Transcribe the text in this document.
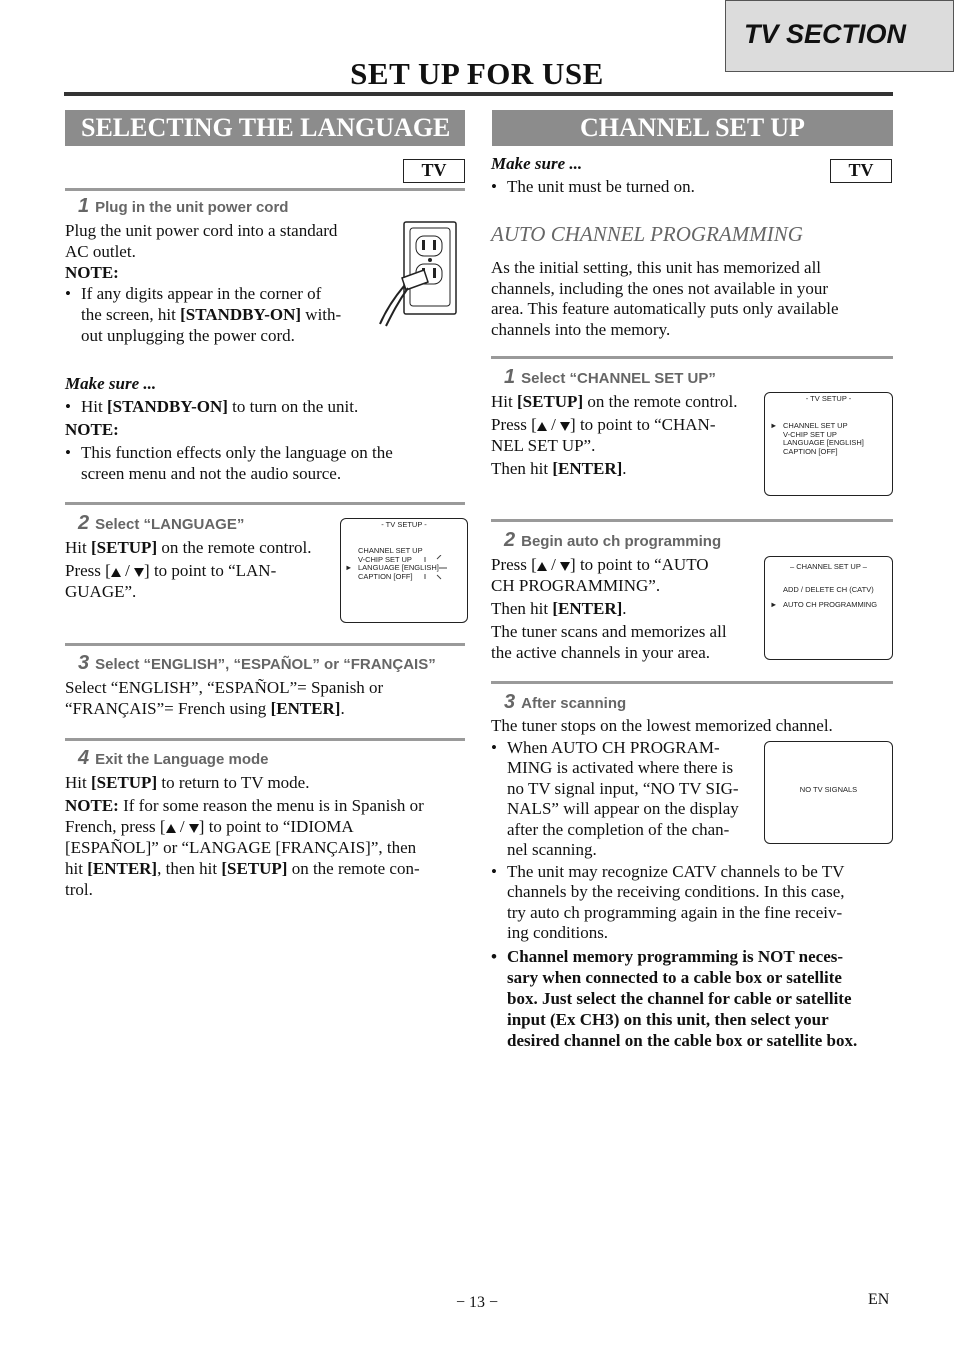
TV SECTION
SET UP FOR USE
SELECTING THE LANGUAGE
TV
1 Plug in the unit power cord
Plug the unit power cord into a standard
AC outlet.
NOTE:
• If any digits appear in the corner of
the screen, hit [STANDBY-ON] with-
out unplugging the power cord.
Make sure ...
• Hit [STANDBY-ON] to turn on the unit.
NOTE:
• This function effects only the language on the
screen menu and not the audio source.
2 Select “LANGUAGE”
Hit [SETUP] on the remote control.
Press [ / ] to point to “LAN-
GUAGE”.
- TV SETUP -
CHANNEL SET UP
V-CHIP SET UP
LANGUAGE [ENGLISH]
CAPTION [OFF]
►
3 Select “ENGLISH”, “ESPAÑOL” or “FRANÇAIS”
Select “ENGLISH”, “ESPAÑOL”= Spanish or
“FRANÇAIS”= French using [ENTER].
4 Exit the Language mode
Hit [SETUP] to return to TV mode.
NOTE: If for some reason the menu is in Spanish or
French, press [ / ] to point to “IDIOMA
[ESPAÑOL]” or “LANGAGE [FRANÇAIS]”, then
hit [ENTER], then hit [SETUP] on the remote con-
trol.
CHANNEL SET UP
TV
Make sure ...
• The unit must be turned on.
AUTO CHANNEL PROGRAMMING
As the initial setting, this unit has memorized all
channels, including the ones not available in your
area. This feature automatically puts only available
channels into the memory.
1 Select “CHANNEL SET UP”
Hit [SETUP] on the remote control.
Press [ / ] to point to “CHAN-
NEL SET UP”.
Then hit [ENTER].
- TV SETUP -
CHANNEL SET UP
V-CHIP SET UP
LANGUAGE [ENGLISH]
CAPTION [OFF]
►
2 Begin auto ch programming
Press [ / ] to point to “AUTO
CH PROGRAMMING”.
Then hit [ENTER].
The tuner scans and memorizes all
the active channels in your area.
– CHANNEL SET UP –
ADD / DELETE CH (CATV)
AUTO CH PROGRAMMING
►
3 After scanning
The tuner stops on the lowest memorized channel.
• When AUTO CH PROGRAM-
MING is activated where there is
no TV signal input, “NO TV SIG-
NALS” will appear on the display
after the completion of the chan-
nel scanning.
• The unit may recognize CATV channels to be TV
channels by the receiving conditions. In this case,
try auto ch programming again in the fine receiv-
ing conditions.
• Channel memory programming is NOT neces-
sary when connected to a cable box or satellite
box. Just select the channel for cable or satellite
input (Ex CH3) on this unit, then select your
desired channel on the cable box or satellite box.
NO TV SIGNALS
− 13 −	EN
